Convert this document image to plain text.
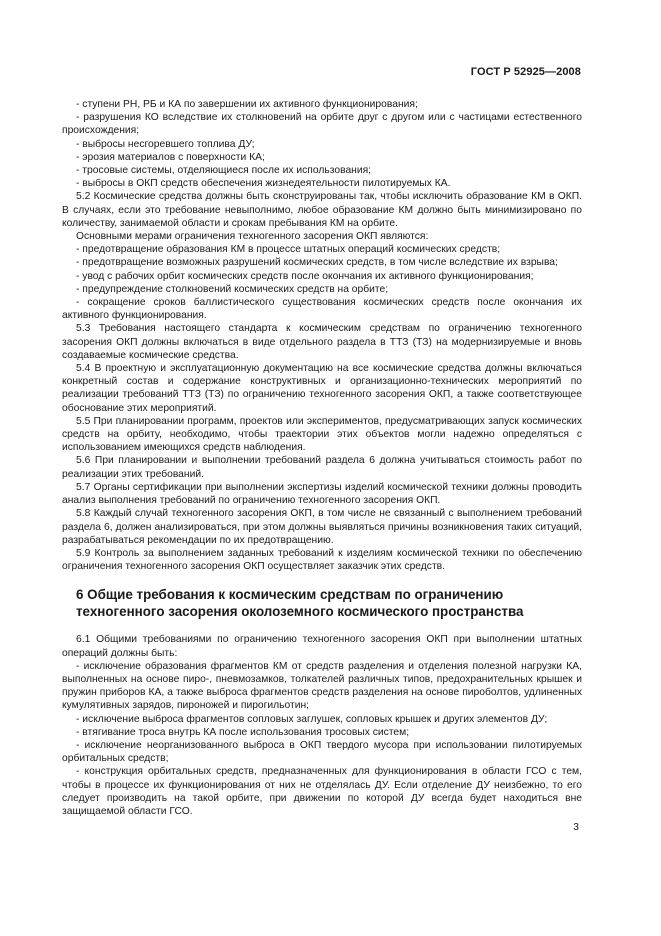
ГОСТ Р 52925—2008

- ступени РН, РБ и КА по завершении их активного функционирования;

- разрушения КО вследствие их столкновений на орбите друг с другом или с частицами естественного происхождения;

- выбросы несгоревшего топлива ДУ;

- эрозия материалов с поверхности КА;

- тросовые системы, отделяющиеся после их использования;

- выбросы в ОКП средств обеспечения жизнедеятельности пилотируемых КА.

5.2 Космические средства должны быть сконструированы так, чтобы исключить образование КМ в ОКП. В случаях, если это требование невыполнимо, любое образование КМ должно быть минимизировано по количеству, занимаемой области и срокам пребывания КМ на орбите.

Основными мерами ограничения техногенного засорения ОКП являются:

- предотвращение образования КМ в процессе штатных операций космических средств;

- предотвращение возможных разрушений космических средств, в том числе вследствие их взрыва;

- увод с рабочих орбит космических средств после окончания их активного функционирования;

- предупреждение столкновений космических средств на орбите;

- сокращение сроков баллистического существования космических средств после окончания их активного функционирования.

5.3 Требования настоящего стандарта к космическим средствам по ограничению техногенного засорения ОКП должны включаться в виде отдельного раздела в ТТЗ (ТЗ) на модернизируемые и вновь создаваемые космические средства.

5.4 В проектную и эксплуатационную документацию на все космические средства должны включаться конкретный состав и содержание конструктивных и организационно-технических мероприятий по реализации требований ТТЗ (ТЗ) по ограничению техногенного засорения ОКП, а также соответствующее обоснование этих мероприятий.

5.5 При планировании программ, проектов или экспериментов, предусматривающих запуск космических средств на орбиту, необходимо, чтобы траектории этих объектов могли надежно определяться с использованием имеющихся средств наблюдения.

5.6 При планировании и выполнении требований раздела 6 должна учитываться стоимость работ по реализации этих требований.

5.7 Органы сертификации при выполнении экспертизы изделий космической техники должны проводить анализ выполнения требований по ограничению техногенного засорения ОКП.

5.8 Каждый случай техногенного засорения ОКП, в том числе не связанный с выполнением требований раздела 6, должен анализироваться, при этом должны выявляться причины возникновения таких ситуаций, разрабатываться рекомендации по их предотвращению.

5.9 Контроль за выполнением заданных требований к изделиям космической техники по обеспечению ограничения техногенного засорения ОКП осуществляет заказчик этих средств.

6 Общие требования к космическим средствам по ограничению техногенного засорения околоземного космического пространства

6.1 Общими требованиями по ограничению техногенного засорения ОКП при выполнении штатных операций должны быть:

- исключение образования фрагментов КМ от средств разделения и отделения полезной нагрузки КА, выполненных на основе пиро-, пневмозамков, толкателей различных типов, предохранительных крышек и пружин приборов КА, а также выброса фрагментов средств разделения на основе пироболтов, удлиненных кумулятивных зарядов, пироножей и пирогильотин;

- исключение выброса фрагментов сопловых заглушек, сопловых крышек и других элементов ДУ;

- втягивание троса внутрь КА после использования тросовых систем;

- исключение неорганизованного выброса в ОКП твердого мусора при использовании пилотируемых орбитальных средств;

- конструкция орбитальных средств, предназначенных для функционирования в области ГСО с тем, чтобы в процессе их функционирования от них не отделялась ДУ. Если отделение ДУ неизбежно, то его следует производить на такой орбите, при движении по которой ДУ всегда будет находиться вне защищаемой области ГСО.

3
